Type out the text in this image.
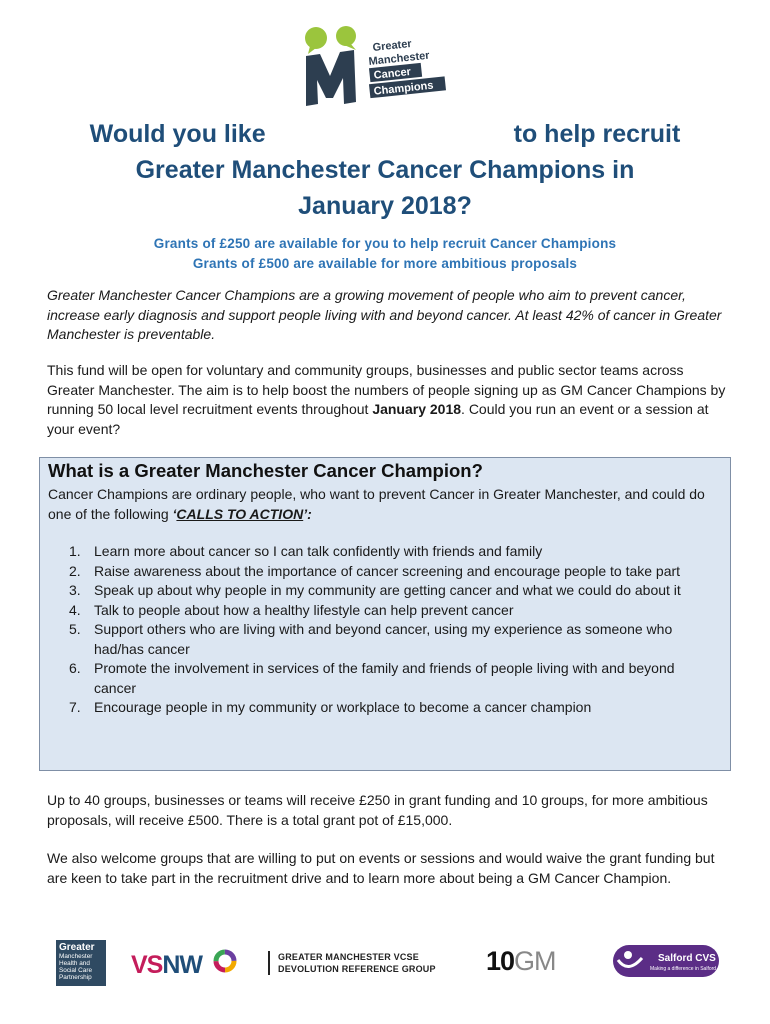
Greater
Manchester
Cancer
Champions
Would you like	to help recruit
Greater Manchester Cancer Champions in
January 2018?
Grants of £250 are available for you to help recruit Cancer Champions
Grants of £500 are available for more ambitious proposals

Greater Manchester Cancer Champions are a growing movement of people who aim to prevent cancer, increase early diagnosis and support people living with and beyond cancer. At least 42% of cancer in Greater Manchester is preventable.

This fund will be open for voluntary and community groups, businesses and public sector teams across Greater Manchester. The aim is to help boost the numbers of people signing up as GM Cancer Champions by running 50 local level recruitment events throughout January 2018. Could you run an event or a session at your event?

What is a Greater Manchester Cancer Champion?

Cancer Champions are ordinary people, who want to prevent Cancer in Greater Manchester, and could do one of the following ‘CALLS TO ACTION’:

1. Learn more about cancer so I can talk confidently with friends and family
2. Raise awareness about the importance of cancer screening and encourage people to take part
3. Speak up about why people in my community are getting cancer and what we could do about it
4. Talk to people about how a healthy lifestyle can help prevent cancer
5. Support others who are living with and beyond cancer, using my experience as someone who had/has cancer
6. Promote the involvement in services of the family and friends of people living with and beyond cancer
7. Encourage people in my community or workplace to become a cancer champion

Up to 40 groups, businesses or teams will receive £250 in grant funding and 10 groups, for more ambitious proposals, will receive £500. There is a total grant pot of £15,000.

We also welcome groups that are willing to put on events or sessions and would waive the grant funding but are keen to take part in the recruitment drive and to learn more about being a GM Cancer Champion.

Greater
Manchester
Health and
Social Care
Partnership	VSNW	GREATER MANCHESTER VCSE
DEVOLUTION REFERENCE GROUP 10GM	Salford CVS
Making a difference in Salford
